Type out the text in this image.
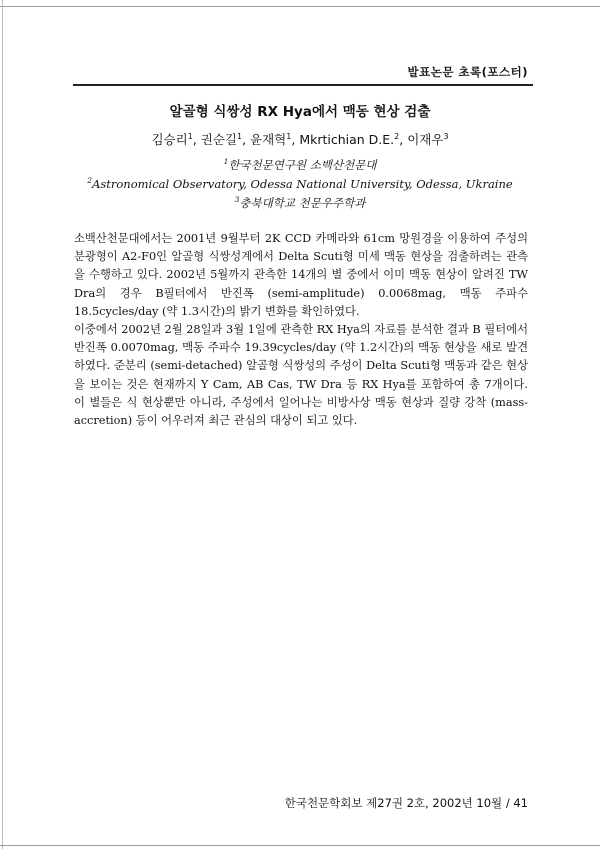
발표논문 초록(포스터)
알골형 식쌍성 RX Hya에서 맥동 현상 검출
김승리$^1$, 권순길$^1$, 윤재혁$^1$, Mkrtichian D.E.$^2$, 이재우$^3$
$^1$한국천문연구원 소백산천문대
$^2$Astronomical Observatory, Odessa National University, Odessa, Ukraine
$^3$충북대학교 천문우주학과

소백산천문대에서는 2001년 9월부터 2K CCD 카메라와 61cm 망원경을 이용하여 주성의 분광형이 A2-F0인 알골형 식쌍성계에서 Delta Scuti형 미세 맥동 현상을 검출하려는 관측을 수행하고 있다. 2002년 5월까지 관측한 14개의 별 중에서 이미 맥동 현상이 알려진 TW Dra의 경우 B필터에서 반진폭 (semi-amplitude) 0.0068mag, 맥동 주파수 18.5cycles/day (약 1.3시간)의 밝기 변화를 확인하였다.

이중에서 2002년 2월 28일과 3월 1일에 관측한 RX Hya의 자료를 분석한 결과 B 필터에서 반진폭 0.0070mag, 맥동 주파수 19.39cycles/day (약 1.2시간)의 맥동 현상을 새로 발견하였다. 준분리 (semi-detached) 알골형 식쌍성의 주성이 Delta Scuti형 맥동과 같은 현상을 보이는 것은 현재까지 Y Cam, AB Cas, TW Dra 등 RX Hya를 포함하여 총 7개이다. 이 별들은 식 현상뿐만 아니라, 주성에서 일어나는 비방사상 맥동 현상과 질량 강착 (mass-accretion) 등이 어우러져 최근 관심의 대상이 되고 있다.

한국천문학회보 제27권 2호, 2002년 10월 / 41
